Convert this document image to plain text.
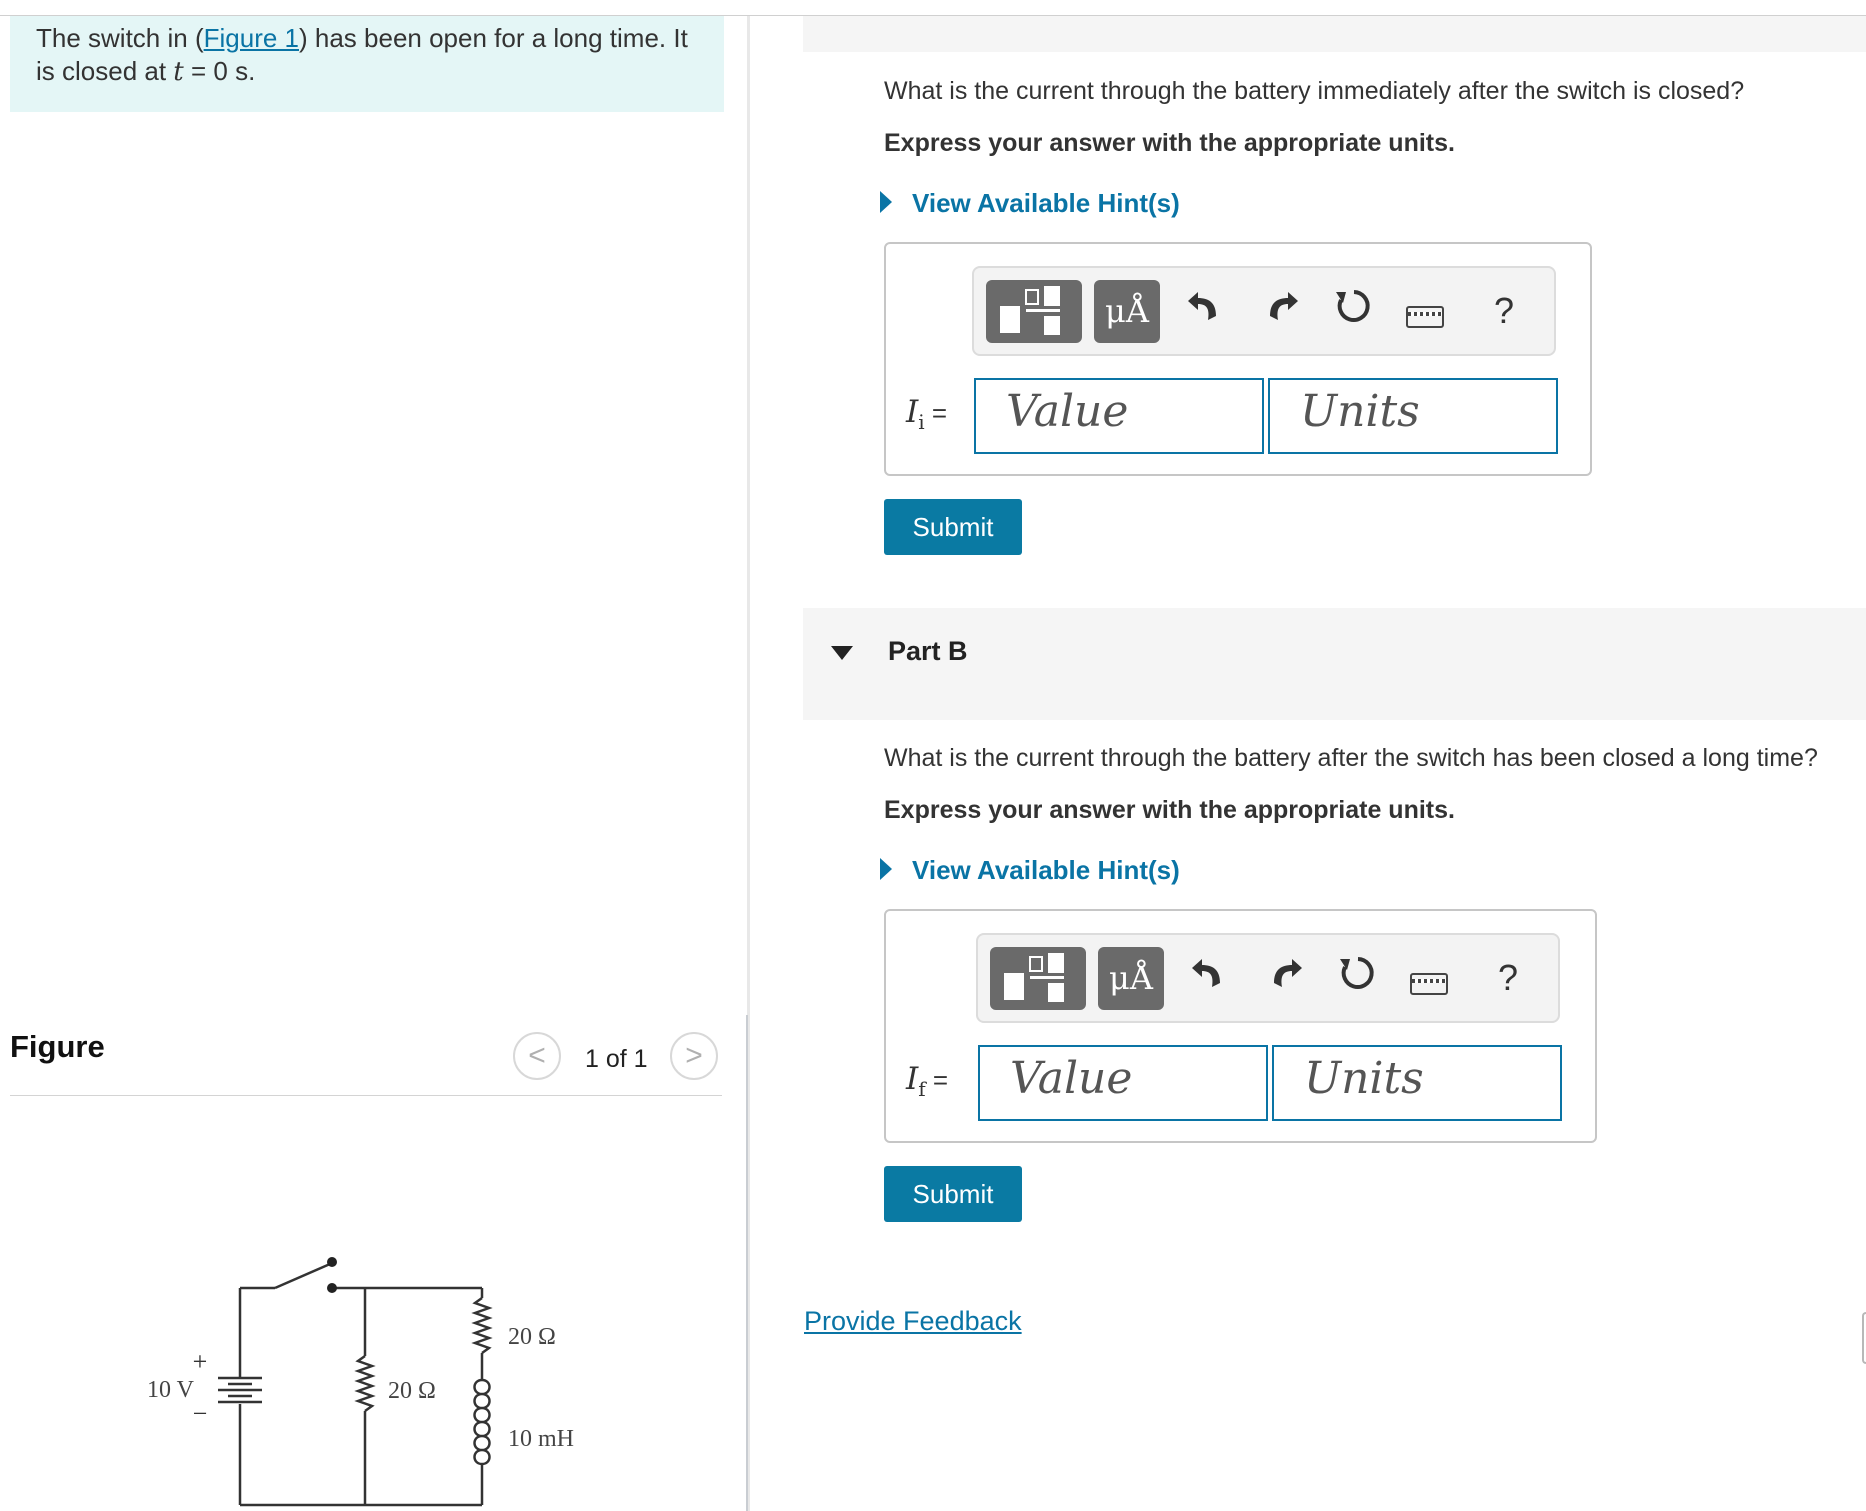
The switch in (Figure 1) has been open for a long time. It is closed at t = 0 s.
Figure	< 1 of 1 >
+
10 V
−
20 Ω
20 Ω
10 mH
What is the current through the battery immediately after the switch is closed?
Express your answer with the appropriate units.
View Available Hint(s)
μÅ	?
$I_i$ =	Value	Units
Submit
Part B
What is the current through the battery after the switch has been closed a long time?
Express your answer with the appropriate units.
View Available Hint(s)
μÅ	?
$I_f$ =	Value	Units
Submit
Provide Feedback
